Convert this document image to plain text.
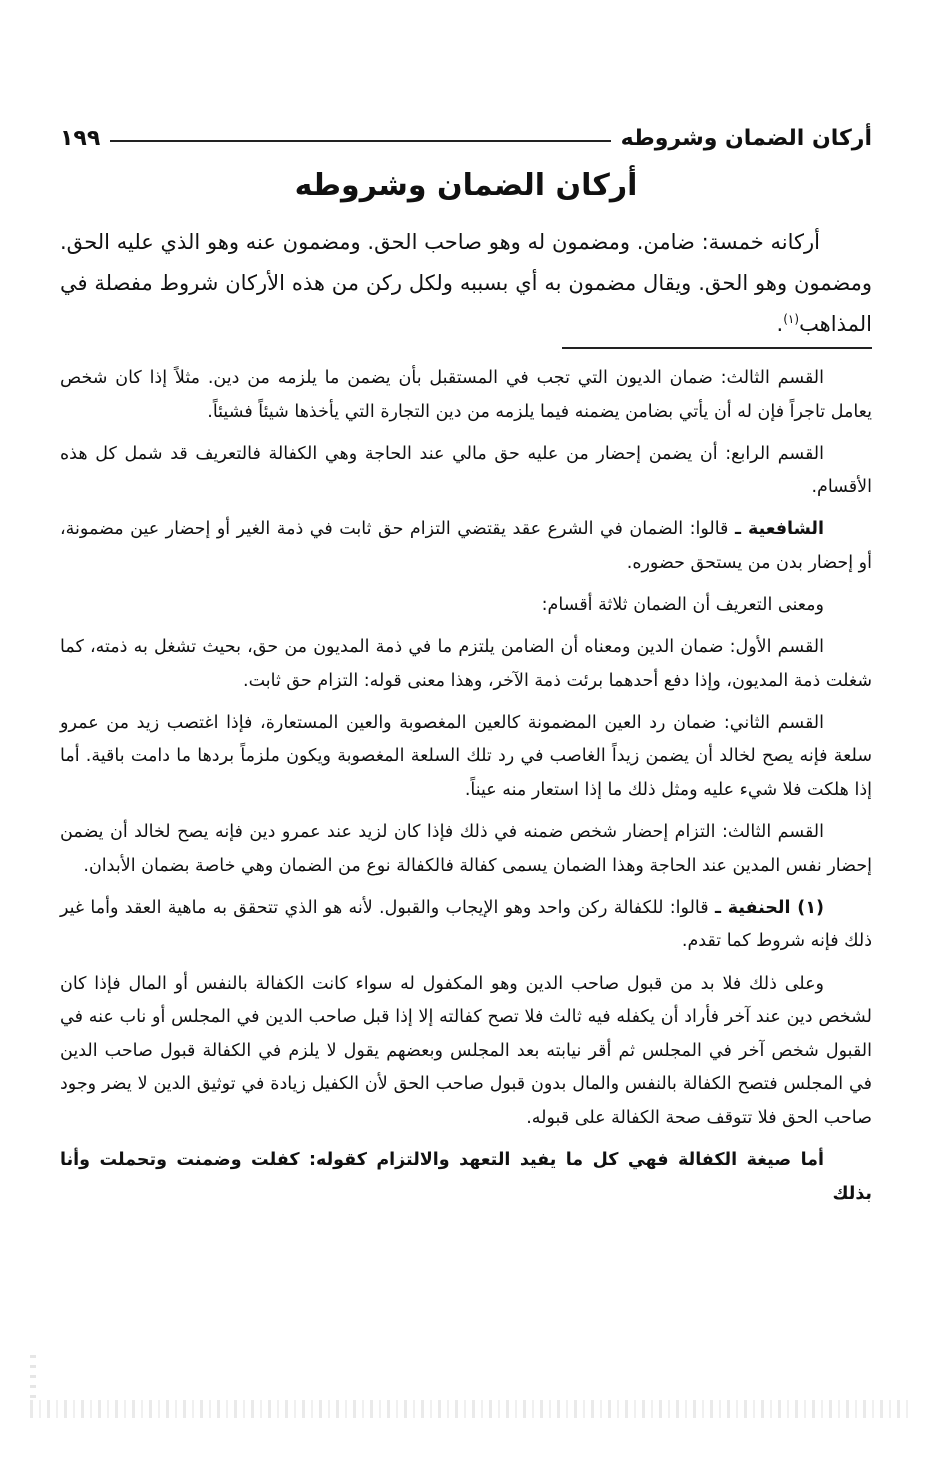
أركان الضمان وشروطه
١٩٩
أركان الضمان وشروطه
أركانه خمسة: ضامن. ومضمون له وهو صاحب الحق. ومضمون عنه وهو الذي عليه الحق. ومضمون وهو الحق. ويقال مضمون به أي بسببه ولكل ركن من هذه الأركان شروط مفصلة في المذاهب$^{(١)}$.

القسم الثالث: ضمان الديون التي تجب في المستقبل بأن يضمن ما يلزمه من دين. مثلاً إذا كان شخص يعامل تاجراً فإن له أن يأتي بضامن يضمنه فيما يلزمه من دين التجارة التي يأخذها شيئاً فشيئاً.

القسم الرابع: أن يضمن إحضار من عليه حق مالي عند الحاجة وهي الكفالة فالتعريف قد شمل كل هذه الأقسام.

الشافعية ـ قالوا: الضمان في الشرع عقد يقتضي التزام حق ثابت في ذمة الغير أو إحضار عين مضمونة، أو إحضار بدن من يستحق حضوره.

ومعنى التعريف أن الضمان ثلاثة أقسام:

القسم الأول: ضمان الدين ومعناه أن الضامن يلتزم ما في ذمة المديون من حق، بحيث تشغل به ذمته، كما شغلت ذمة المديون، وإذا دفع أحدهما برئت ذمة الآخر، وهذا معنى قوله: التزام حق ثابت.

القسم الثاني: ضمان رد العين المضمونة كالعين المغصوبة والعين المستعارة، فإذا اغتصب زيد من عمرو سلعة فإنه يصح لخالد أن يضمن زيداً الغاصب في رد تلك السلعة المغصوبة ويكون ملزماً بردها ما دامت باقية. أما إذا هلكت فلا شيء عليه ومثل ذلك ما إذا استعار منه عيناً.

القسم الثالث: التزام إحضار شخص ضمنه في ذلك فإذا كان لزيد عند عمرو دين فإنه يصح لخالد أن يضمن إحضار نفس المدين عند الحاجة وهذا الضمان يسمى كفالة فالكفالة نوع من الضمان وهي خاصة بضمان الأبدان.

(١) الحنفية ـ قالوا: للكفالة ركن واحد وهو الإيجاب والقبول. لأنه هو الذي تتحقق به ماهية العقد وأما غير ذلك فإنه شروط كما تقدم.

وعلى ذلك فلا بد من قبول صاحب الدين وهو المكفول له سواء كانت الكفالة بالنفس أو المال فإذا كان لشخص دين عند آخر فأراد أن يكفله فيه ثالث فلا تصح كفالته إلا إذا قبل صاحب الدين في المجلس أو ناب عنه في القبول شخص آخر في المجلس ثم أقر نيابته بعد المجلس وبعضهم يقول لا يلزم في الكفالة قبول صاحب الدين في المجلس فتصح الكفالة بالنفس والمال بدون قبول صاحب الحق لأن الكفيل زيادة في توثيق الدين لا يضر وجود صاحب الحق فلا تتوقف صحة الكفالة على قبوله.

أما صيغة الكفالة فهي كل ما يفيد التعهد والالتزام كقوله: كفلت وضمنت وتحملت وأنا بذلك
